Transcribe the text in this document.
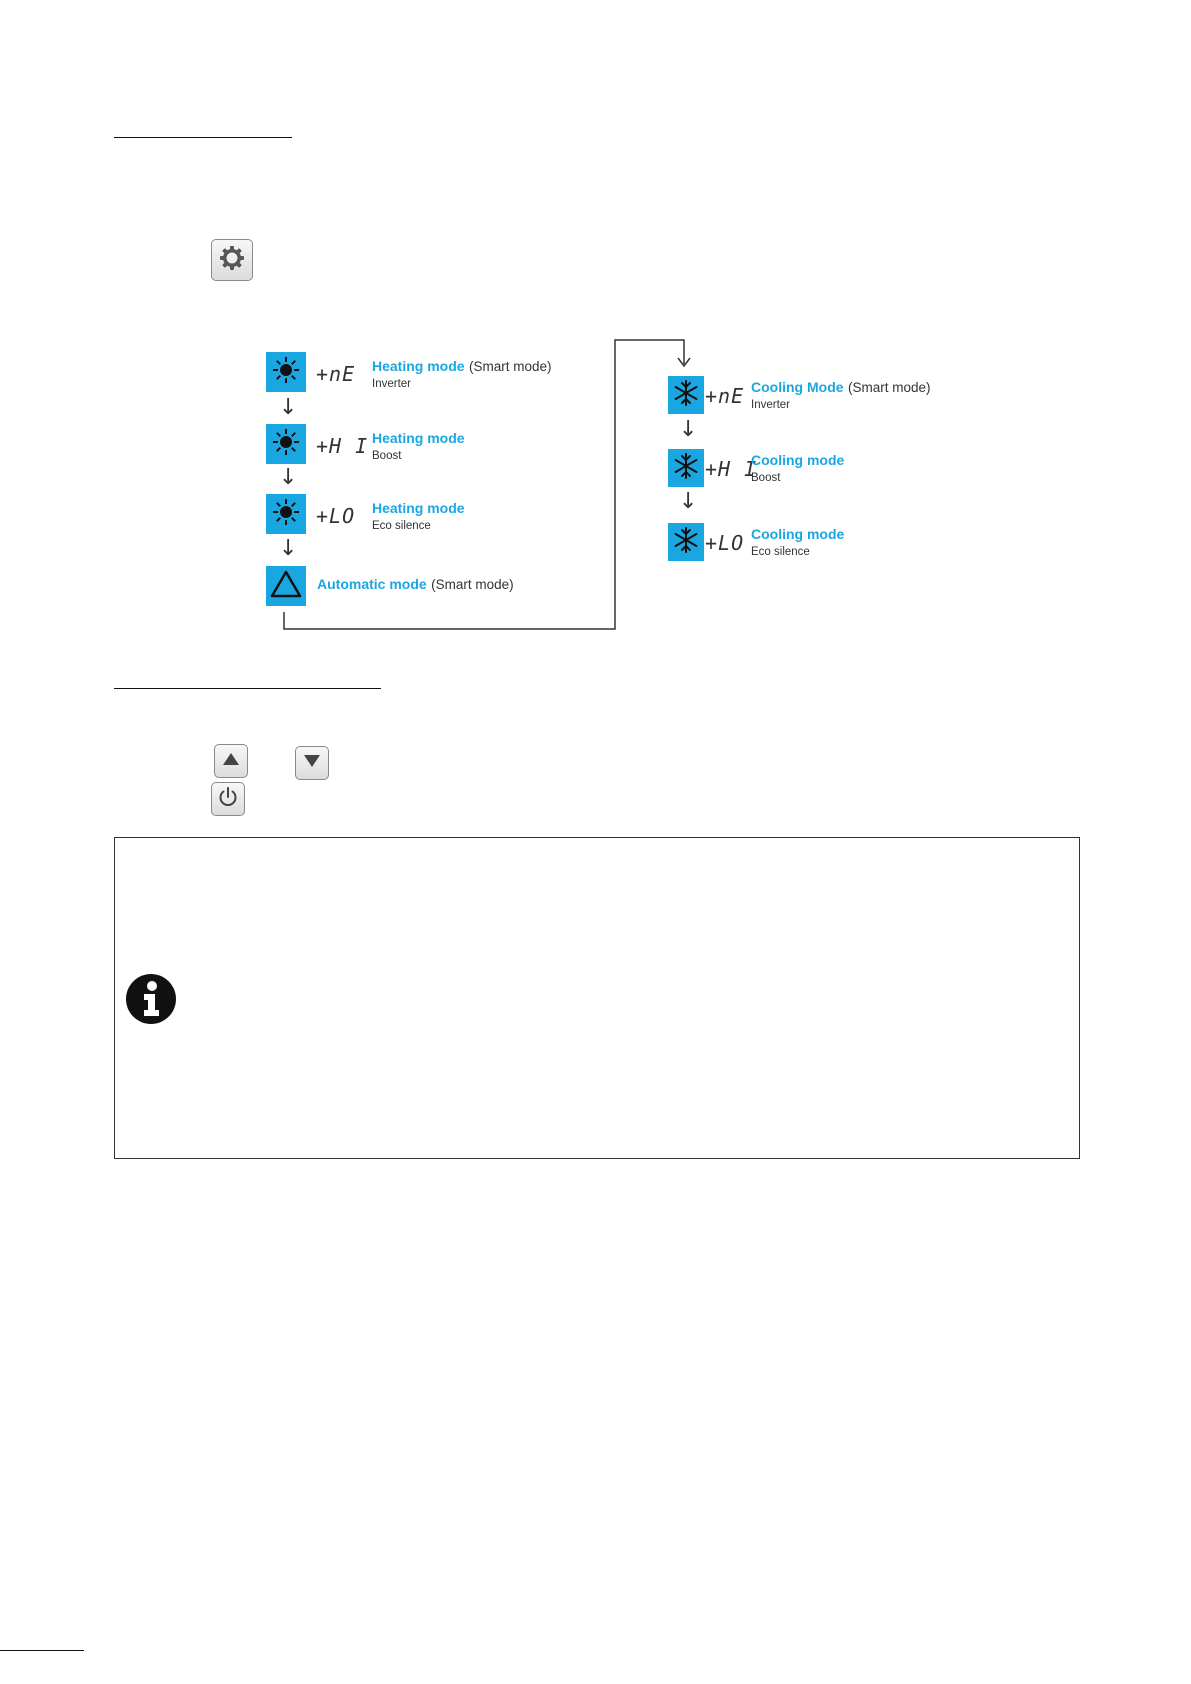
+nE Heating mode (Smart mode)
Inverter
↓
+H I Heating mode
Boost
↓
+LO Heating mode
Eco silence
↓
Automatic mode (Smart mode)
+nE Cooling Mode (Smart mode)
Inverter
↓
+H I
Cooling mode
Boost
↓
+LO Cooling mode
Eco silence
